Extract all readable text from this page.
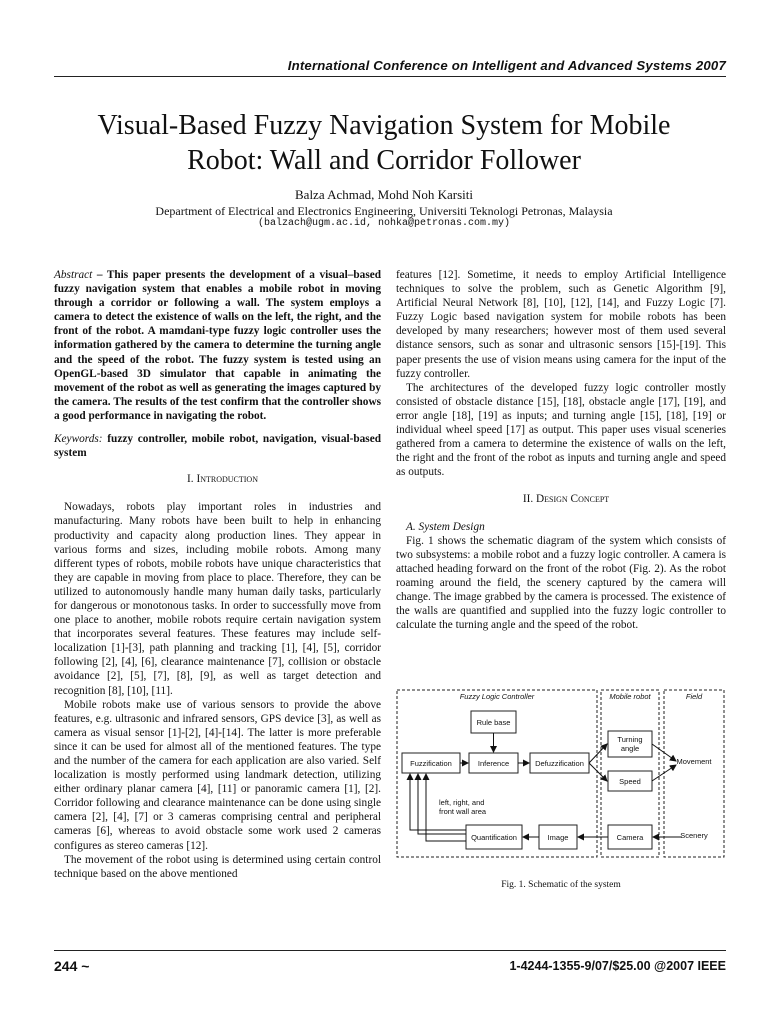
International Conference on Intelligent and Advanced Systems 2007
Visual-Based Fuzzy Navigation System for Mobile
Robot: Wall and Corridor Follower
Balza Achmad, Mohd Noh Karsiti
Department of Electrical and Electronics Engineering, Universiti Teknologi Petronas, Malaysia
(balzach@ugm.ac.id, nohka@petronas.com.my)

Abstract – This paper presents the development of a visual–based fuzzy navigation system that enables a mobile robot in moving through a corridor or following a wall. The system employs a camera to detect the existence of walls on the left, the right, and the front of the robot. A mamdani-type fuzzy logic controller uses the information gathered by the camera to determine the turning angle and the speed of the robot. The fuzzy system is tested using an OpenGL-based 3D simulator that capable in animating the movement of the robot as well as generating the images captured by the camera. The results of the test confirm that the controller shows a good performance in navigating the robot.

Keywords: fuzzy controller, mobile robot, navigation, visual-based system

I. Introduction

Nowadays, robots play important roles in industries and manufacturing. Many robots have been built to help in enhancing productivity and capacity along production lines. They appear in various forms and sizes, including mobile robots. Among many different types of robots, mobile robots have unique characteristics that they are capable in moving from place to place. Therefore, they can be utilized to autonomously handle many human daily tasks, particularly for dangerous or monotonous tasks. In order to successfully move from one place to another, mobile robots require certain navigation system that incorporates several features. These features may include self-localization [1]-[3], path planning and tracking [1], [4], [5], corridor following [2], [4], [6], clearance maintenance [7], collision or obstacle avoidance [2], [5], [7], [8], [9], as well as target detection and recognition [8], [10], [11].

Mobile robots make use of various sensors to provide the above features, e.g. ultrasonic and infrared sensors, GPS device [3], as well as camera as visual sensor [1]-[2], [4]-[14]. The latter is more preferable since it can be used for almost all of the mentioned features. The type and the number of the camera for each application are also varied. Self localization is mostly performed using landmark detection, utilizing either ordinary planar camera [4], [11] or panoramic camera [1], [2]. Corridor following and clearance maintenance can be done using single camera [2], [4], [7] or 3 cameras comprising central and peripheral cameras [6], whereas to avoid obstacle some work used 2 cameras configures as stereo cameras [12].

The movement of the robot using is determined using certain control technique based on the above mentioned

features [12]. Sometime, it needs to employ Artificial Intelligence techniques to solve the problem, such as Genetic Algorithm [9], Artificial Neural Network [8], [10], [12], [14], and Fuzzy Logic [7]. Fuzzy Logic based navigation system for mobile robots has been developed by many researchers; however most of them used several distance sensors, such as sonar and ultrasonic sensors [15]-[19]. This paper presents the use of vision means using camera for the input of the fuzzy controller.

The architectures of the developed fuzzy logic controller mostly consisted of obstacle distance [15], [18], obstacle angle [17], [19], and error angle [18], [19] as inputs; and turning angle [15], [18], [19] or individual wheel speed [17] as output. This paper uses visual sceneries gathered from a camera to determine the existence of walls on the left, the right and the front of the robot as inputs and turning angle and speed as outputs.

II. Design Concept

A. System Design

Fig. 1 shows the schematic diagram of the system which consists of two subsystems: a mobile robot and a fuzzy logic controller. A camera is attached heading forward on the front of the robot (Fig. 2). As the robot roaming around the field, the scenery captured by the camera will change. The image grabbed by the camera is processed. The existence of the walls are quantified and supplied into the fuzzy logic controller to calculate the turning angle and the speed of the robot.

Fuzzy Logic Controller	Mobile robot	Field
Rule base
Fuzzification	Inference	Defuzzification
Turning
angle
Speed
Quantification	Image	Camera
Movement
Scenery
left, right, and
front wall area
Fig. 1. Schematic of the system
244 ~	1-4244-1355-9/07/$25.00 @2007 IEEE
